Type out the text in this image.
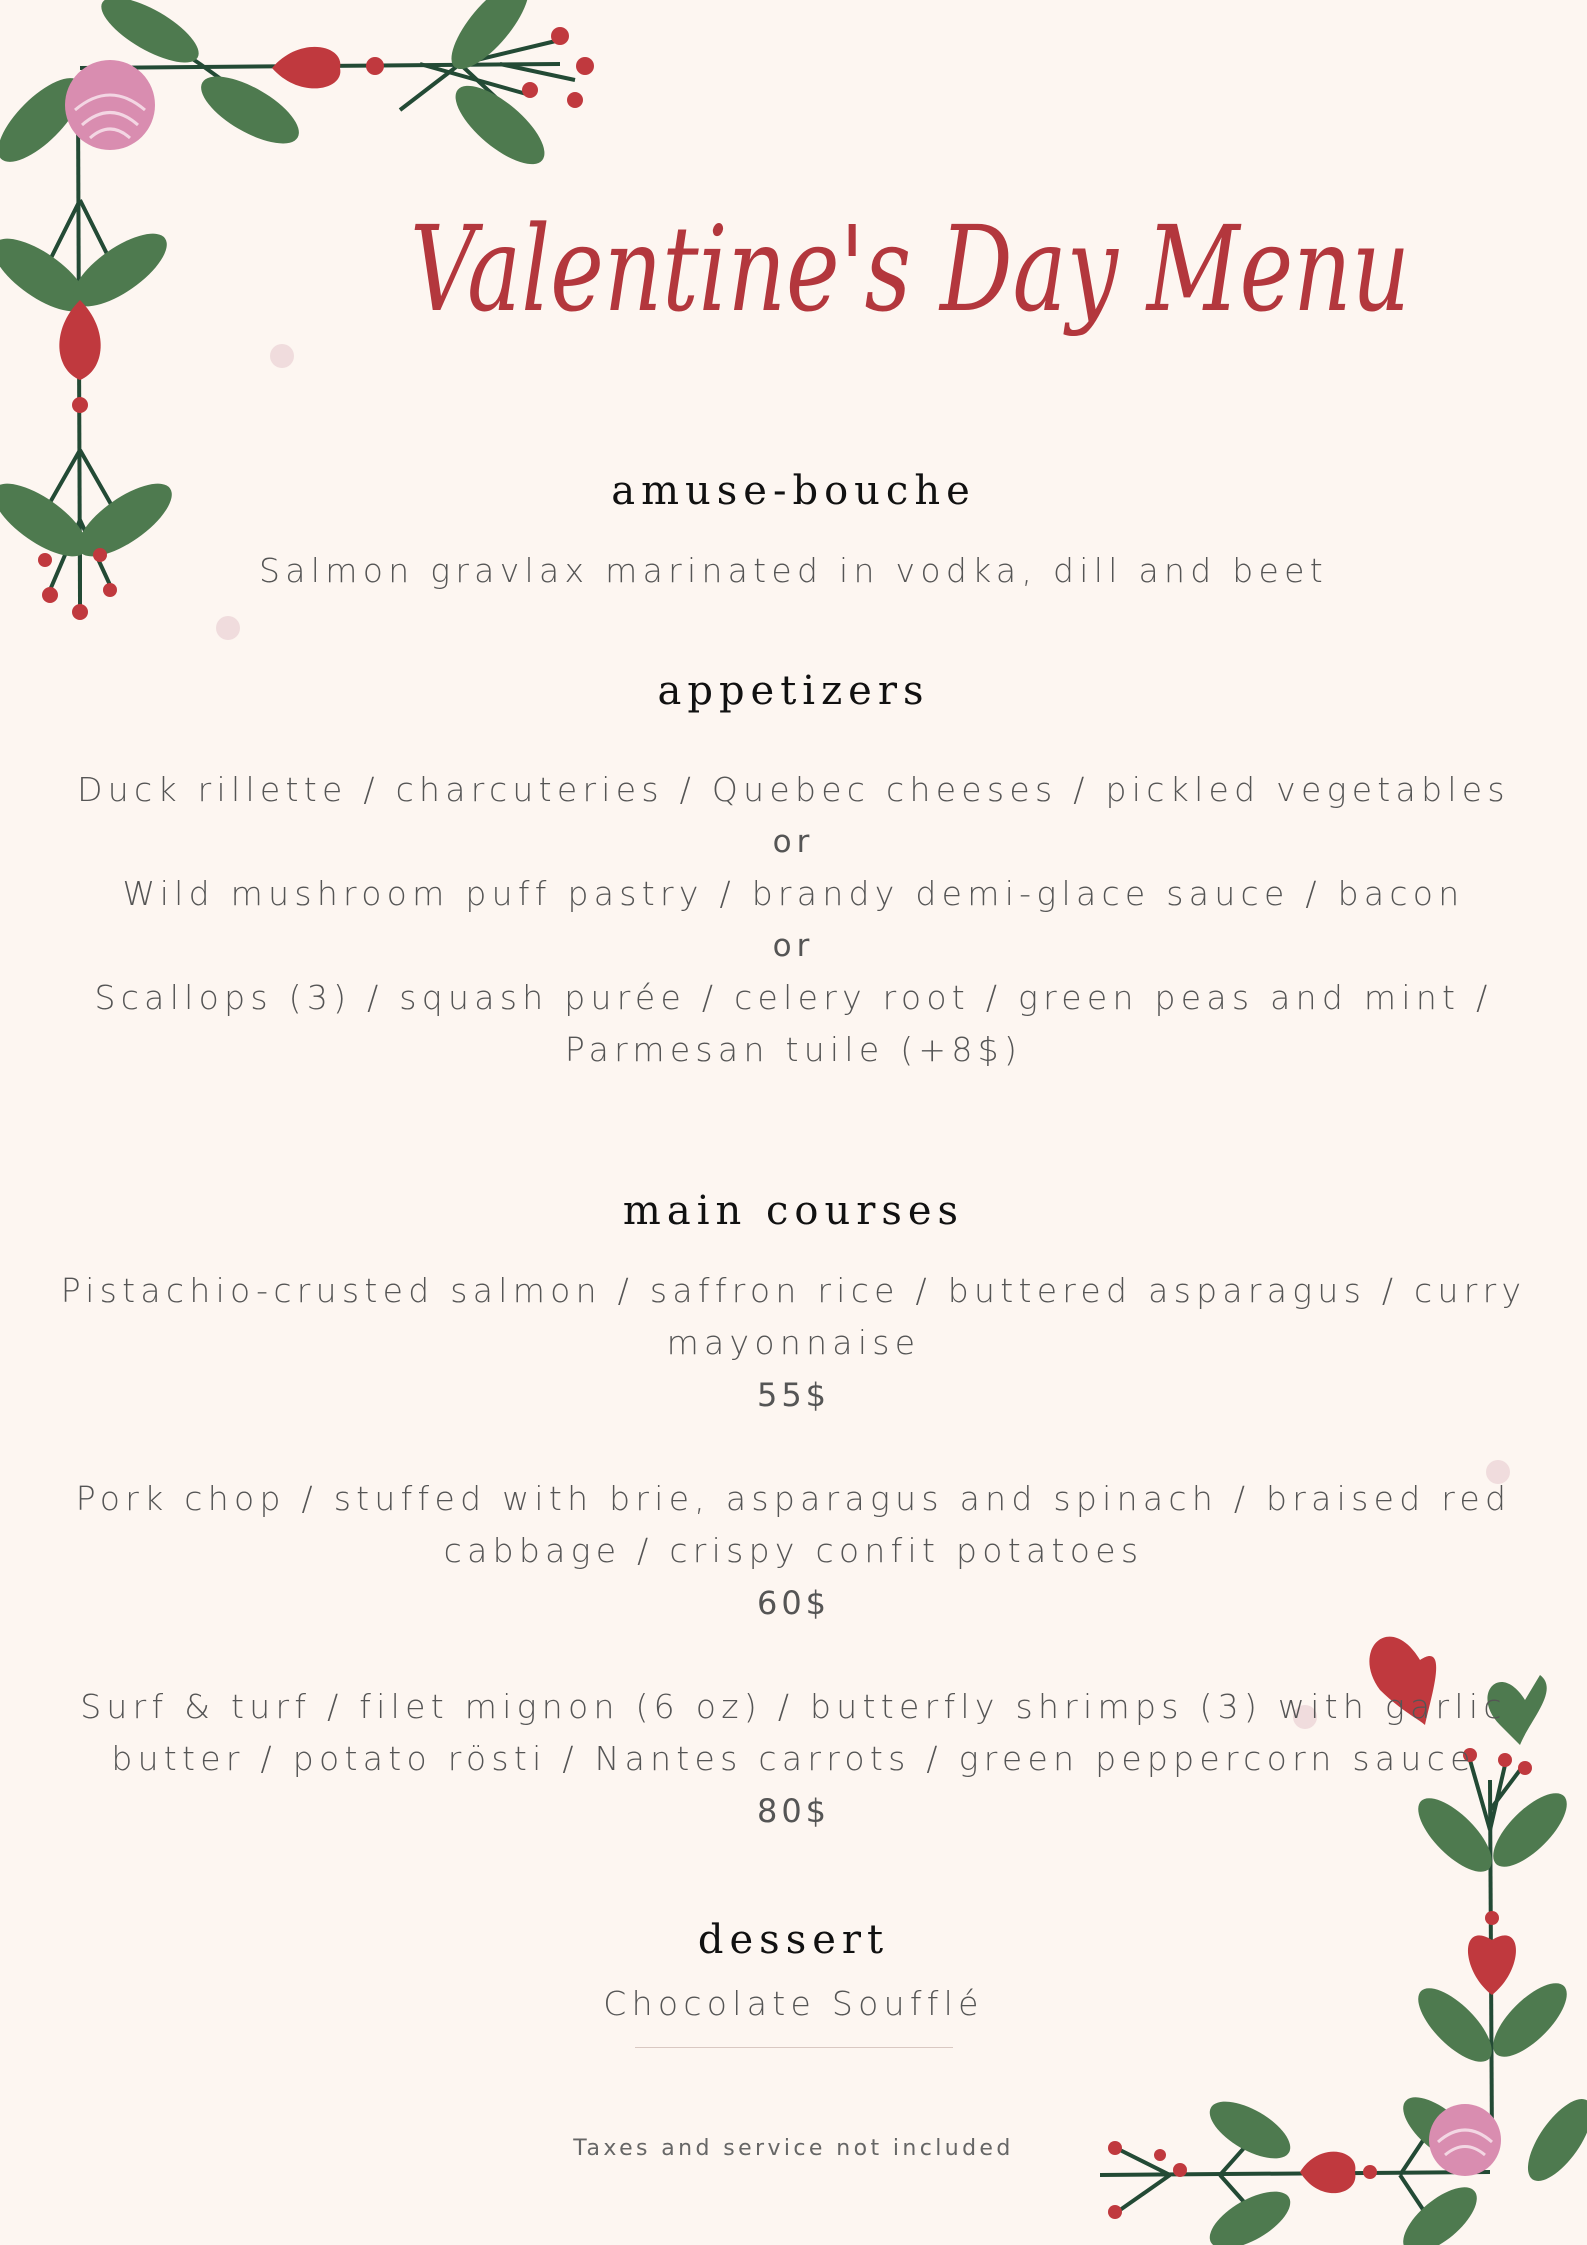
Valentine's Day Menu
amuse-bouche
Salmon gravlax marinated in vodka, dill and beet
appetizers
Duck rillette / charcuteries / Quebec cheeses / pickled vegetables
or
Wild mushroom puff pastry / brandy demi-glace sauce / bacon
or
Scallops (3) / squash purée / celery root / green peas and mint /
Parmesan tuile (+8$)
main courses
Pistachio-crusted salmon / saffron rice / buttered asparagus / curry
mayonnaise
55$
Pork chop / stuffed with brie, asparagus and spinach / braised red
cabbage / crispy confit potatoes
60$
Surf & turf / filet mignon (6 oz) / butterfly shrimps (3) with garlic
butter / potato rösti / Nantes carrots / green peppercorn sauce
80$
dessert
Chocolate Soufflé
Taxes and service not included
